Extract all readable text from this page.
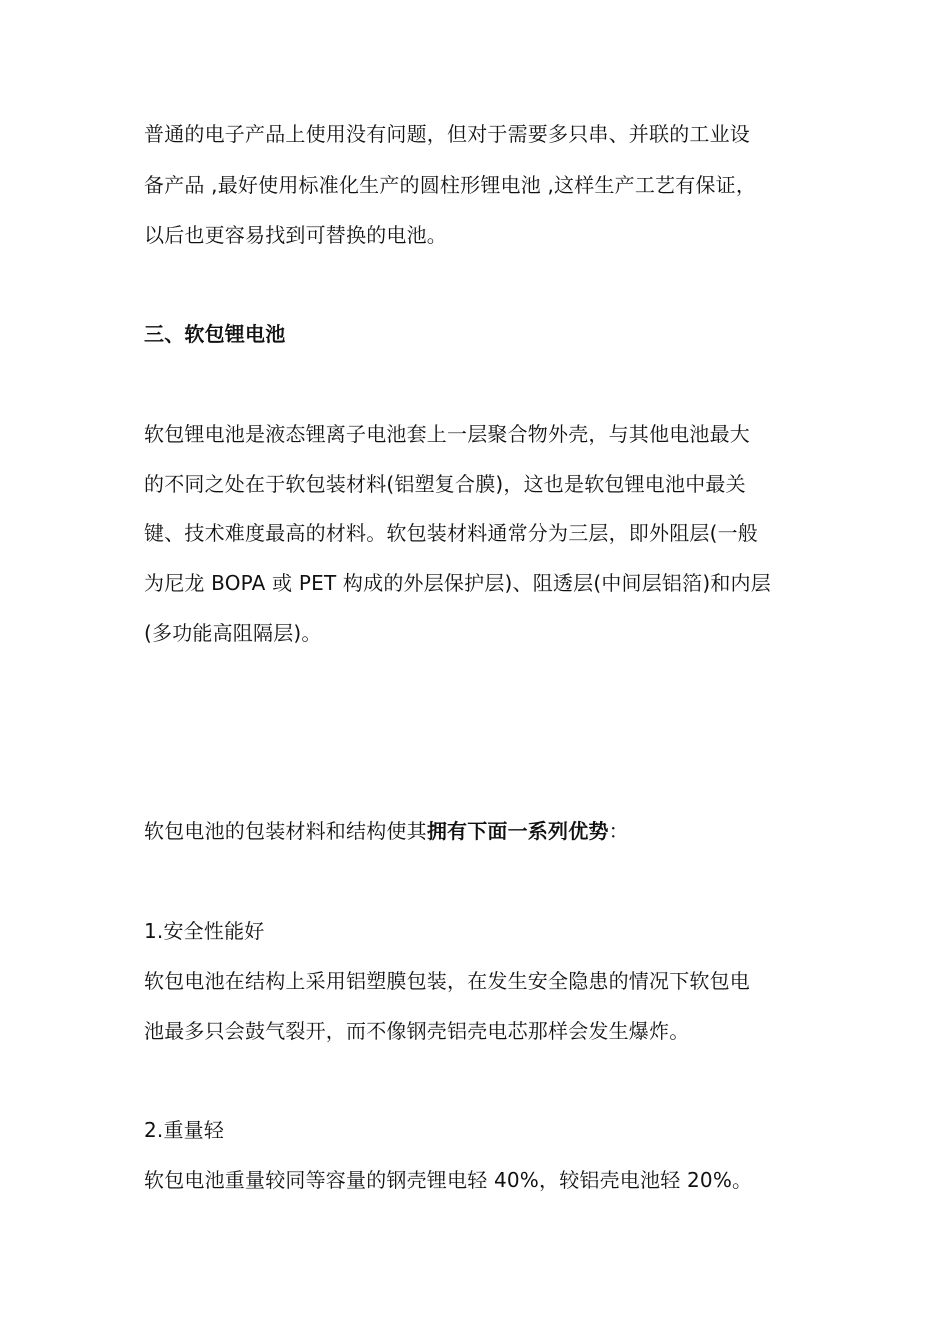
普通的电子产品上使用没有问题，但对于需要多只串、并联的工业设
备产品 ,最好使用标准化生产的圆柱形锂电池 ,这样生产工艺有保证，
以后也更容易找到可替换的电池。
三、软包锂电池
软包锂电池是液态锂离子电池套上一层聚合物外壳，与其他电池最大
的不同之处在于软包装材料(铝塑复合膜)，这也是软包锂电池中最关
键、技术难度最高的材料。软包装材料通常分为三层，即外阻层(一般
为尼龙 BOPA 或 PET 构成的外层保护层)、阻透层(中间层铝箔)和内层
(多功能高阻隔层)。
软包电池的包装材料和结构使其拥有下面一系列优势：
1.安全性能好
软包电池在结构上采用铝塑膜包装，在发生安全隐患的情况下软包电
池最多只会鼓气裂开，而不像钢壳铝壳电芯那样会发生爆炸。
2.重量轻
软包电池重量较同等容量的钢壳锂电轻 40%，较铝壳电池轻 20%。
